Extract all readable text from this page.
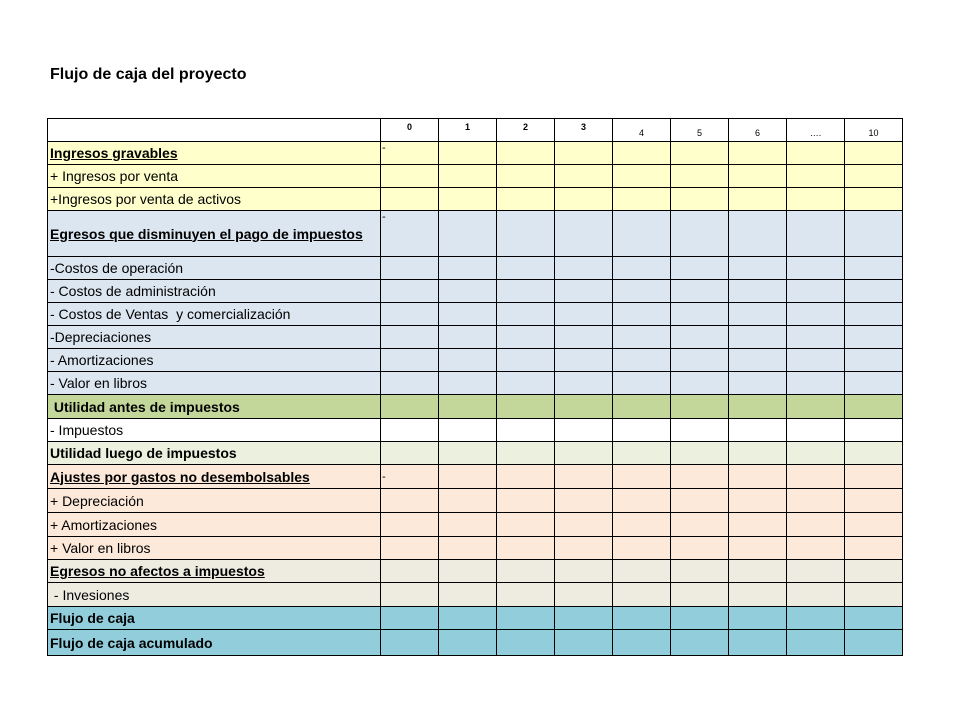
Flujo de caja del proyecto
	0	1	2	3	4	5	6	….	10
Ingresos gravables	-								
+ Ingresos por venta									
+Ingresos por venta de activos									
Egresos que disminuyen el pago de impuestos	-								
-Costos de operación									
- Costos de administración									
- Costos de Ventas  y comercialización									
-Depreciaciones									
- Amortizaciones									
- Valor en libros									
Utilidad antes de impuestos									
- Impuestos									
Utilidad luego de impuestos									
Ajustes por gastos no desembolsables	-								
+ Depreciación									
+ Amortizaciones									
+ Valor en libros									
Egresos no afectos a impuestos									
- Invesiones									
Flujo de caja									
Flujo de caja acumulado									
